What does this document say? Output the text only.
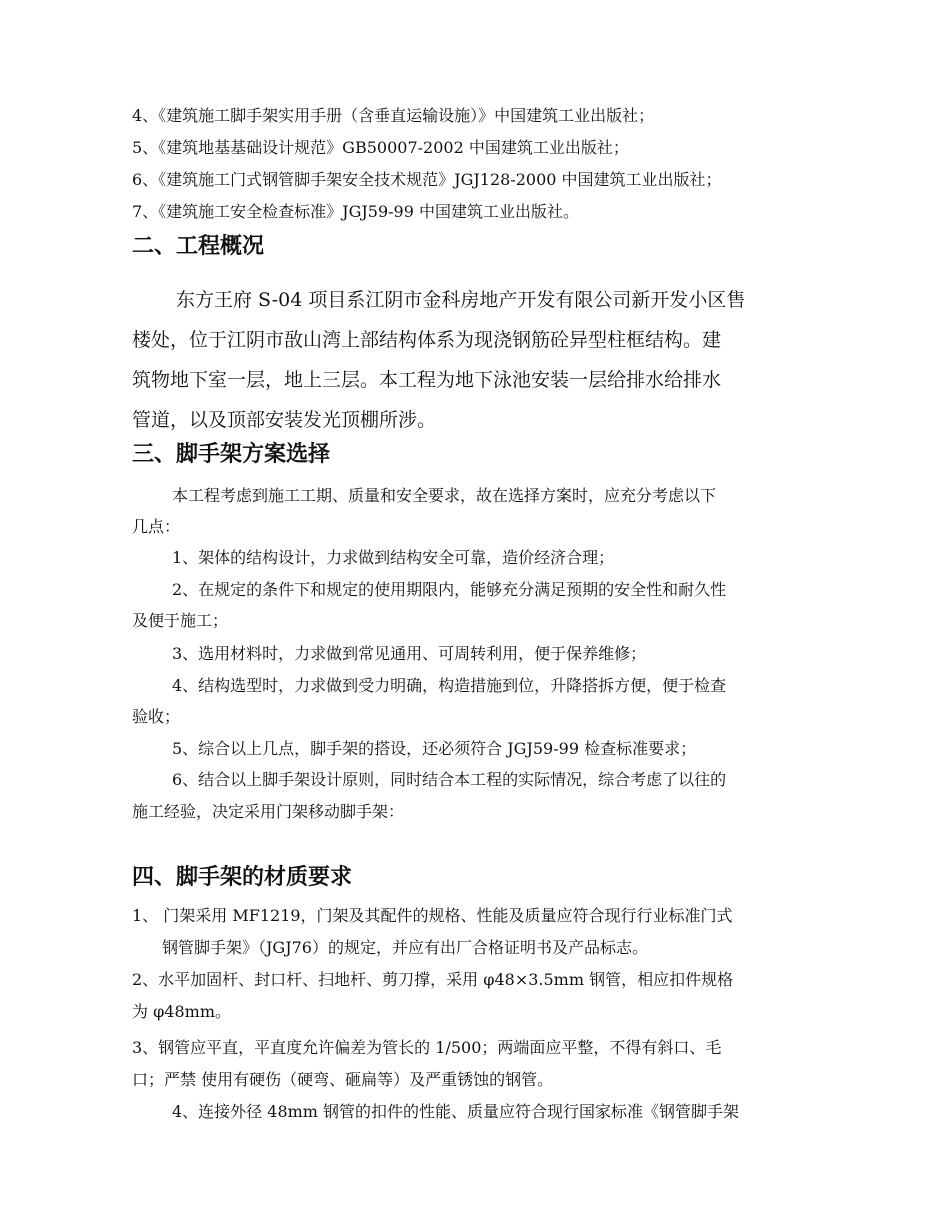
4、《建筑施工脚手架实用手册（含垂直运输设施）》中国建筑工业出版社；
5、《建筑地基基础设计规范》GB50007-2002 中国建筑工业出版社；
6、《建筑施工门式钢管脚手架安全技术规范》JGJ128-2000 中国建筑工业出版社；
7、《建筑施工安全检查标准》JGJ59-99 中国建筑工业出版社。
二、工程概况
东方王府 S-04 项目系江阴市金科房地产开发有限公司新开发小区售
楼处，位于江阴市敔山湾上部结构体系为现浇钢筋砼异型柱框结构。建
筑物地下室一层，地上三层。本工程为地下泳池安装一层给排水给排水
管道，以及顶部安装发光顶棚所涉。
三、脚手架方案选择
本工程考虑到施工工期、质量和安全要求，故在选择方案时，应充分考虑以下
几点：
1、架体的结构设计，力求做到结构安全可靠，造价经济合理；
2、在规定的条件下和规定的使用期限内，能够充分满足预期的安全性和耐久性
及便于施工；
3、选用材料时，力求做到常见通用、可周转利用，便于保养维修；
4、结构选型时，力求做到受力明确，构造措施到位，升降搭拆方便，便于检查
验收；
5、综合以上几点，脚手架的搭设，还必须符合 JGJ59-99 检查标准要求；
6、结合以上脚手架设计原则，同时结合本工程的实际情况，综合考虑了以往的
施工经验，决定采用门架移动脚手架：
四、脚手架的材质要求
1、 门架采用 MF1219，门架及其配件的规格、性能及质量应符合现行行业标准门式
钢管脚手架》（JGJ76）的规定，并应有出厂合格证明书及产品标志。
2、水平加固杆、封口杆、扫地杆、剪刀撑，采用 φ48×3.5mm 钢管，相应扣件规格
为 φ48mm。
3、钢管应平直，平直度允许偏差为管长的 1/500；两端面应平整，不得有斜口、毛
口；严禁 使用有硬伤（硬弯、砸扁等）及严重锈蚀的钢管。
4、连接外径 48mm 钢管的扣件的性能、质量应符合现行国家标准《钢管脚手架
